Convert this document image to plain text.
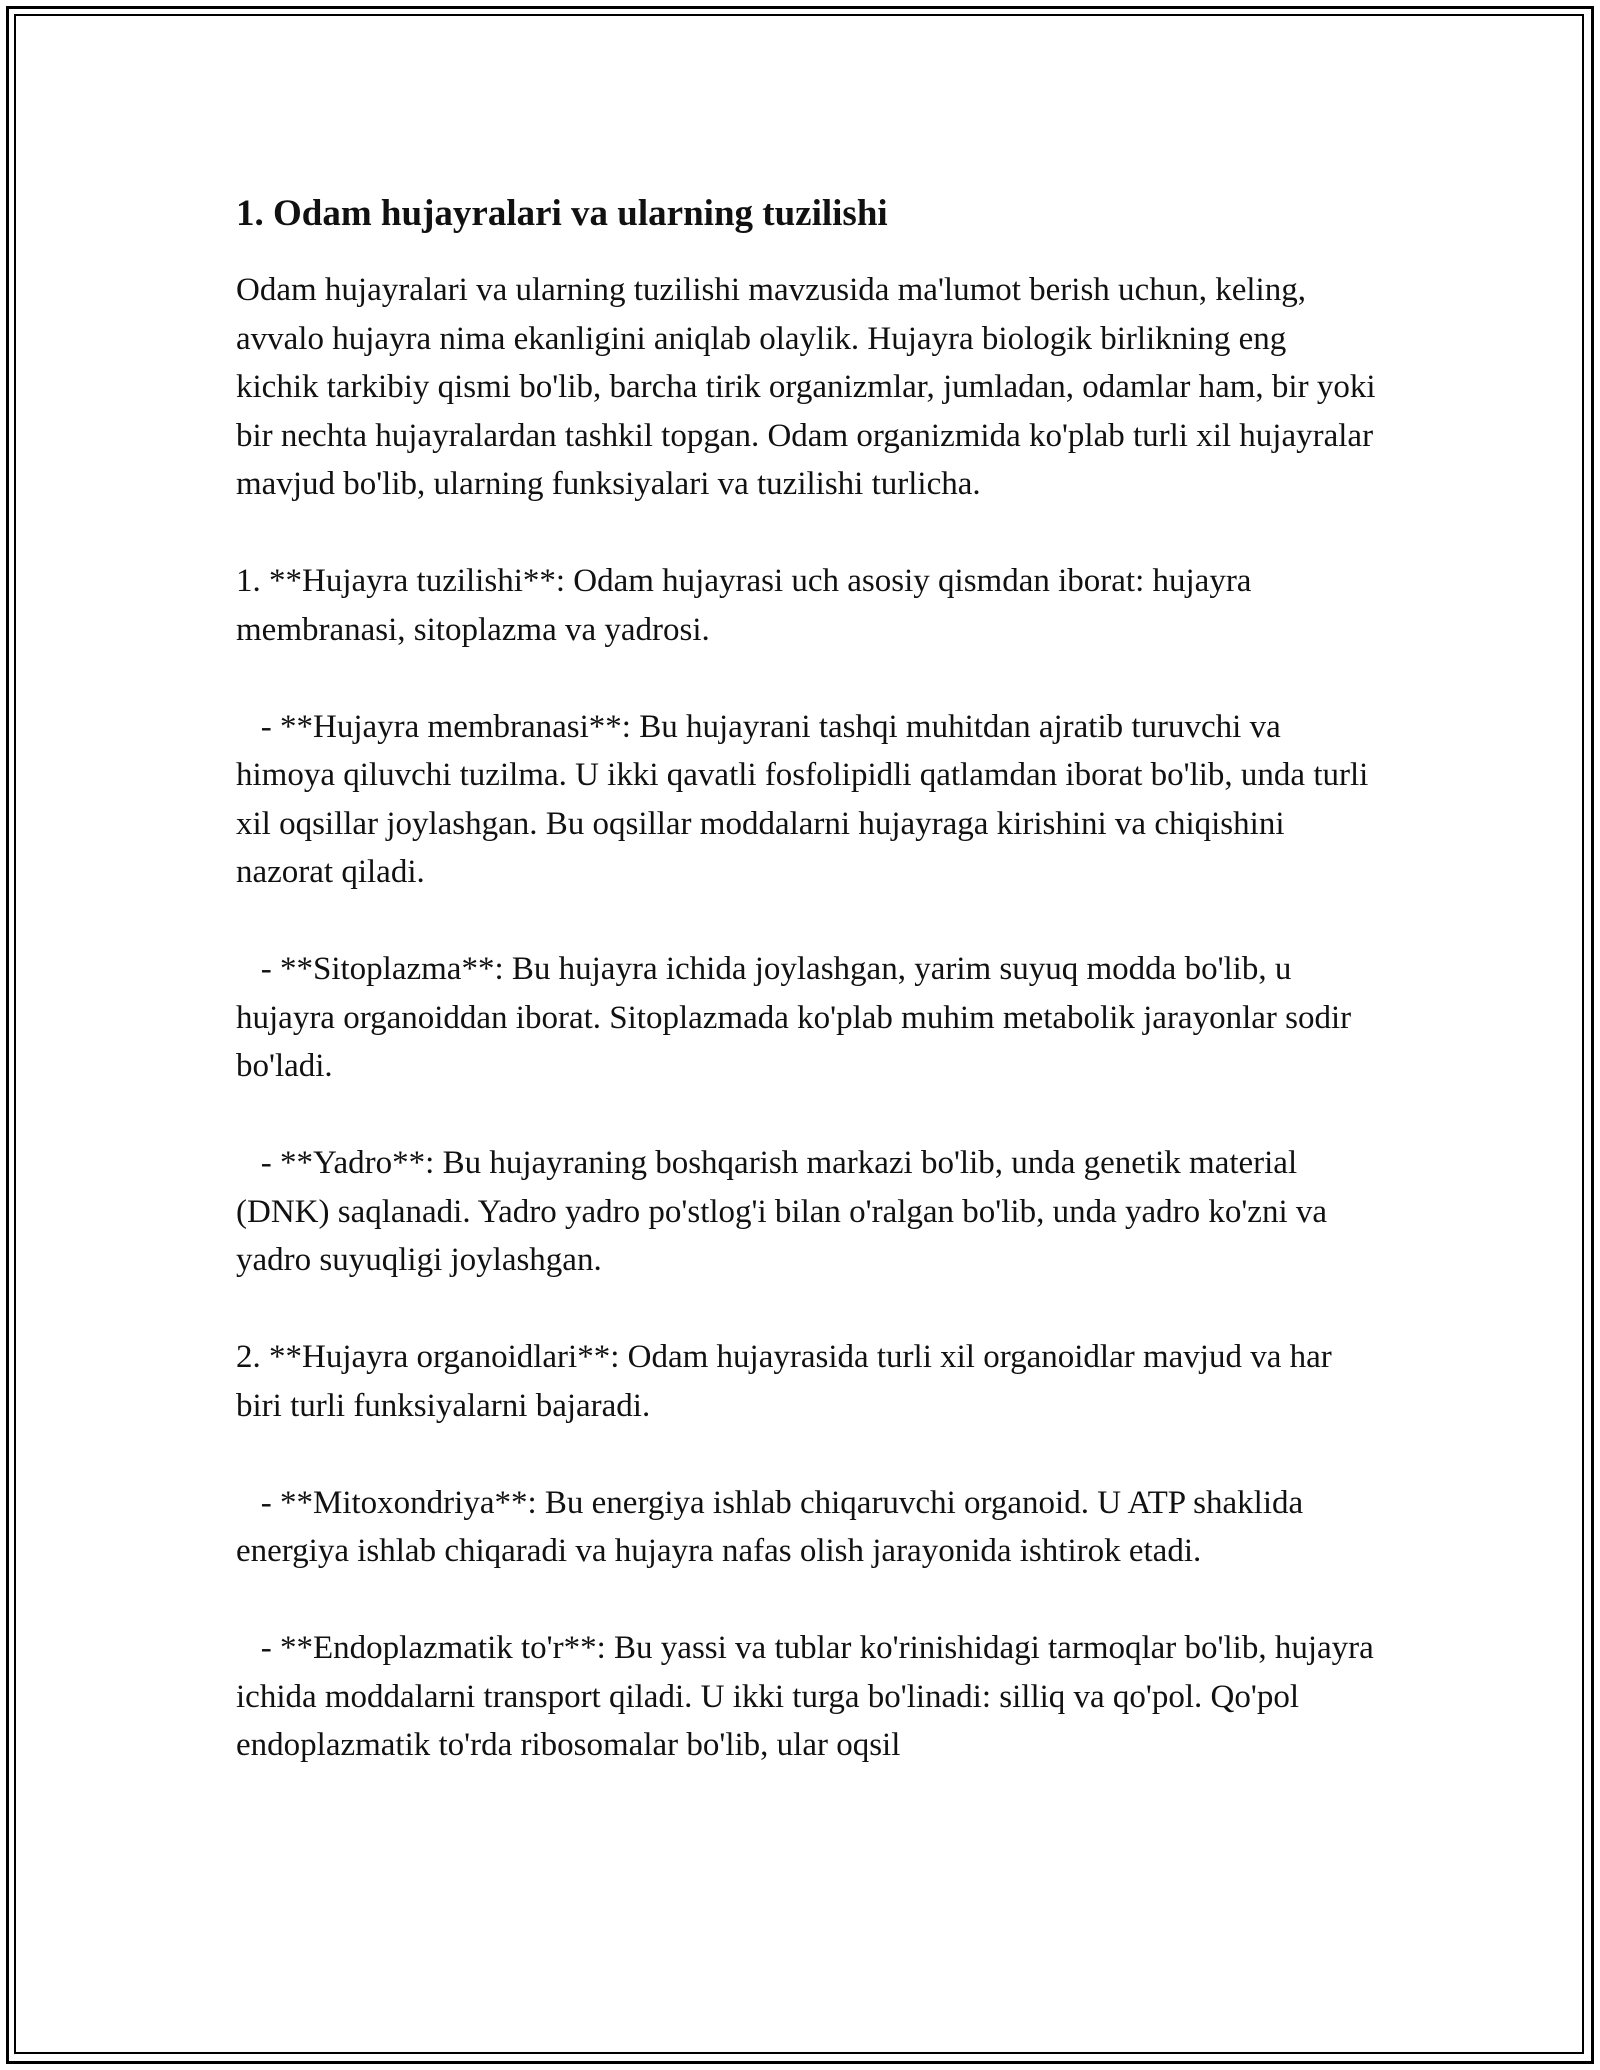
1. Odam hujayralari va ularning tuzilishi

Odam hujayralari va ularning tuzilishi mavzusida ma'lumot berish uchun, keling, avvalo hujayra nima ekanligini aniqlab olaylik. Hujayra biologik birlikning eng kichik tarkibiy qismi bo'lib, barcha tirik organizmlar, jumladan, odamlar ham, bir yoki bir nechta hujayralardan tashkil topgan. Odam organizmida ko'plab turli xil hujayralar mavjud bo'lib, ularning funksiyalari va tuzilishi turlicha.

1. **Hujayra tuzilishi**: Odam hujayrasi uch asosiy qismdan iborat: hujayra membranasi, sitoplazma va yadrosi.

- **Hujayra membranasi**: Bu hujayrani tashqi muhitdan ajratib turuvchi va himoya qiluvchi tuzilma. U ikki qavatli fosfolipidli qatlamdan iborat bo'lib, unda turli xil oqsillar joylashgan. Bu oqsillar moddalarni hujayraga kirishini va chiqishini nazorat qiladi.

- **Sitoplazma**: Bu hujayra ichida joylashgan, yarim suyuq modda bo'lib, u hujayra organoiddan iborat. Sitoplazmada ko'plab muhim metabolik jarayonlar sodir bo'ladi.

- **Yadro**: Bu hujayraning boshqarish markazi bo'lib, unda genetik material (DNK) saqlanadi. Yadro yadro po'stlog'i bilan o'ralgan bo'lib, unda yadro ko'zni va yadro suyuqligi joylashgan.

2. **Hujayra organoidlari**: Odam hujayrasida turli xil organoidlar mavjud va har biri turli funksiyalarni bajaradi.

- **Mitoxondriya**: Bu energiya ishlab chiqaruvchi organoid. U ATP shaklida energiya ishlab chiqaradi va hujayra nafas olish jarayonida ishtirok etadi.

- **Endoplazmatik to'r**: Bu yassi va tublar ko'rinishidagi tarmoqlar bo'lib, hujayra ichida moddalarni transport qiladi. U ikki turga bo'linadi: silliq va qo'pol. Qo'pol endoplazmatik to'rda ribosomalar bo'lib, ular oqsil
